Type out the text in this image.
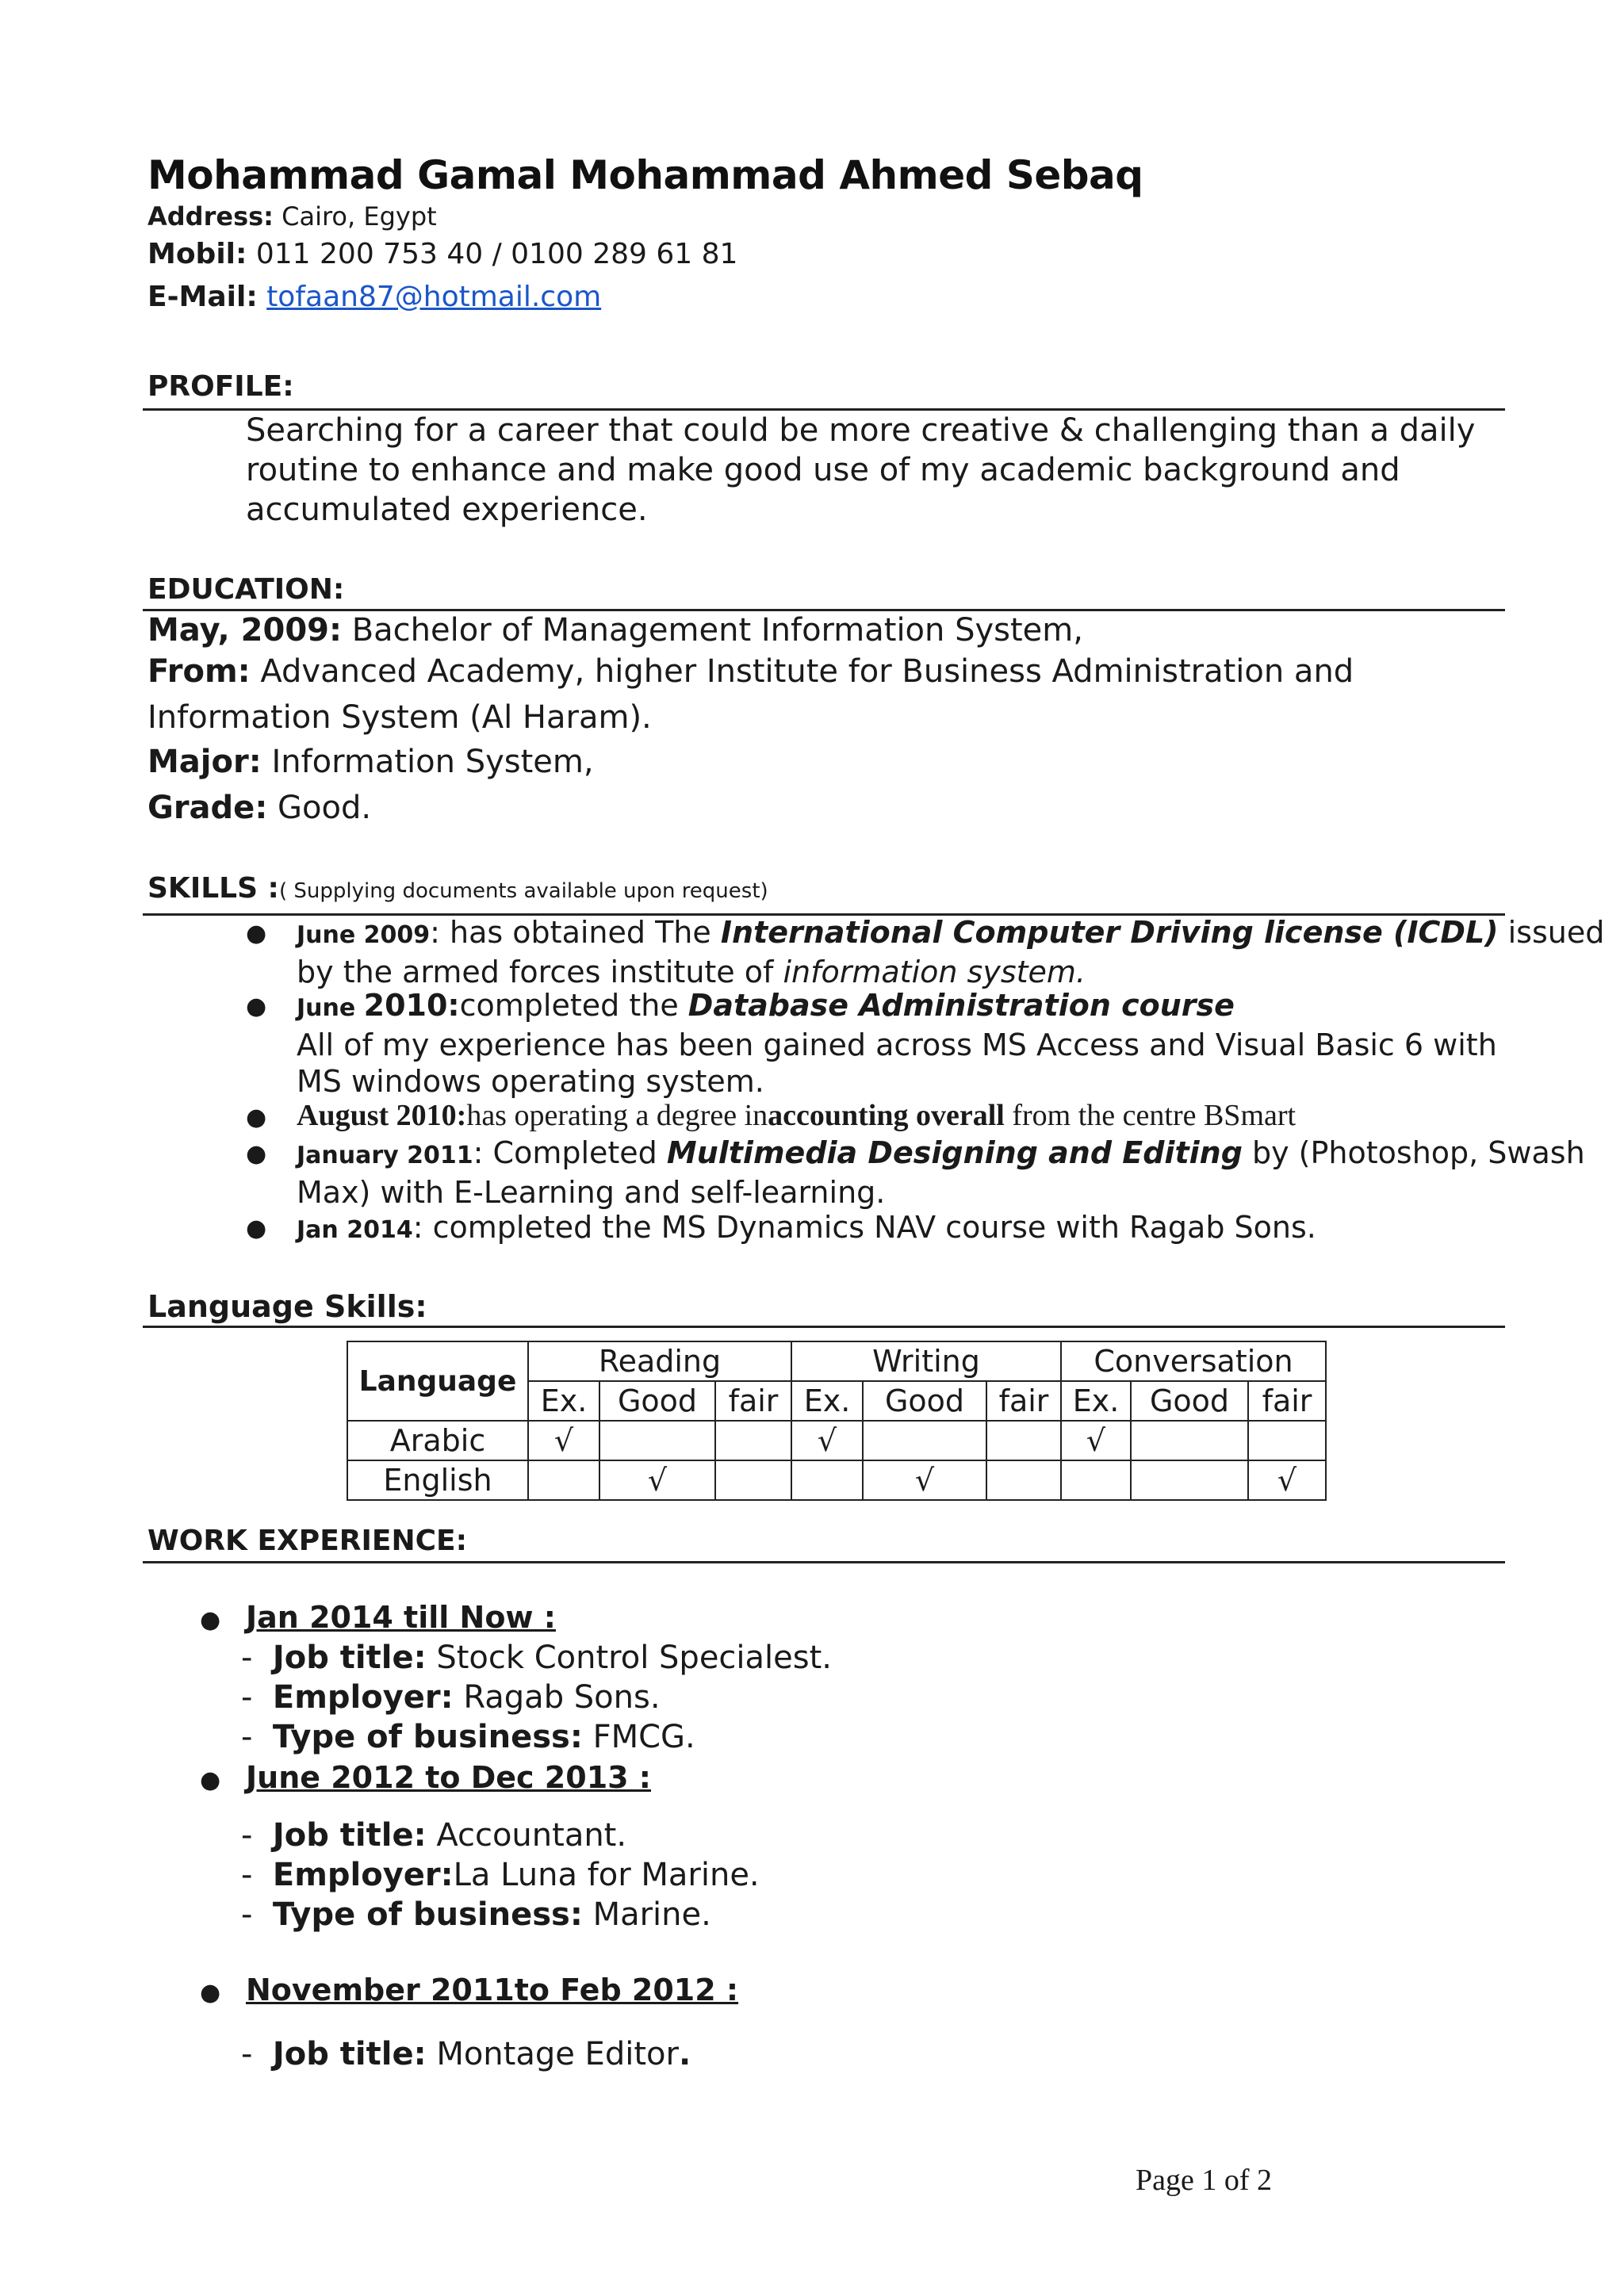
Mohammad Gamal Mohammad Ahmed Sebaq
Address: Cairo, Egypt
Mobil: 011 200 753 40 / 0100 289 61 81
E-Mail: tofaan87@hotmail.com
PROFILE:
Searching for a career that could be more creative & challenging than a daily
routine to enhance and make good use of my academic background and
accumulated experience.
EDUCATION:
May, 2009: Bachelor of Management Information System,
From: Advanced Academy, higher Institute for Business Administration and
Information System (Al Haram).
Major: Information System,
Grade: Good.
SKILLS :( Supplying documents available upon request)
● June 2009: has obtained The International Computer Driving license (ICDL) issued
by the armed forces institute of information system.
● June 2010:completed the Database Administration course
All of my experience has been gained across MS Access and Visual Basic 6 with
MS windows operating system.
● August 2010:has operating a degree inaccounting overall from the centre BSmart
● January 2011: Completed Multimedia Designing and Editing by (Photoshop, Swash
Max) with E-Learning and self-learning.
● Jan 2014: completed the MS Dynamics NAV course with Ragab Sons.
Language Skills:
Language	Reading			Writing			Conversation		
	Ex.	Good	fair	Ex.	Good	fair	Ex.	Good	fair
Arabic	√			√			√		
English		√			√				√
WORK EXPERIENCE:
● Jan 2014 till Now :
-  Job title: Stock Control Specialest.
-  Employer: Ragab Sons.
-  Type of business: FMCG.
● June 2012 to Dec 2013 :
-  Job title: Accountant.
-  Employer:La Luna for Marine.
-  Type of business: Marine.
● November 2011to Feb 2012 :
-  Job title: Montage Editor.
Page 1 of 2
